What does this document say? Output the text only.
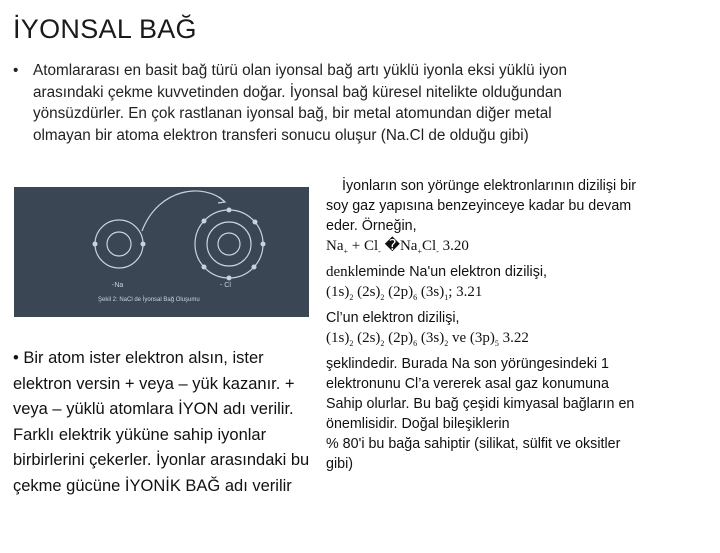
İYONSAL BAĞ
• Atomlararası en basit bağ türü olan iyonsal bağ artı yüklü iyonla eksi yüklü iyon arasındaki çekme kuvvetinden doğar. İyonsal bağ küresel nitelikte olduğundan yönsüzdürler. En çok rastlanan iyonsal bağ, bir metal atomundan diğer metal olmayan bir atoma elektron transferi sonucu oluşur (Na.Cl de olduğu gibi)
-Na	- Cl
Şekil 2: NaCl de İyonsal Bağ Oluşumu
İyonların son yörünge elektronlarının dizilişi bir
soy gaz yapısına benzeyinceye kadar bu devam
eder. Örneğin,
$Na_+ + Cl_-$ $�Na_+Cl_-$ 3.20
denkleminde Na'un elektron dizilişi,
$(1s)_2$ $(2s)_2$ $(2p)_6$ $(3s)_1$; 3.21
Cl’un elektron dizilişi,
$(1s)_2$ $(2s)_2$ $(2p)_6$ $(3s)_2$ ve $(3p)_5$ 3.22
şeklindedir. Burada Na son yörüngesindeki 1
elektronunu Cl’a vererek asal gaz konumuna
Sahip olurlar. Bu bağ çeşidi kimyasal bağların en
önemlisidir. Doğal bileşiklerin
% 80'i bu bağa sahiptir (silikat, sülfit ve oksitler
gibi)
• Bir atom ister elektron alsın, ister elektron versin + veya – yük kazanır. + veya – yüklü atomlara İYON adı verilir. Farklı elektrik yüküne sahip iyonlar birbirlerini çekerler. İyonlar arasındaki bu çekme gücüne İYONİK BAĞ adı verilir
